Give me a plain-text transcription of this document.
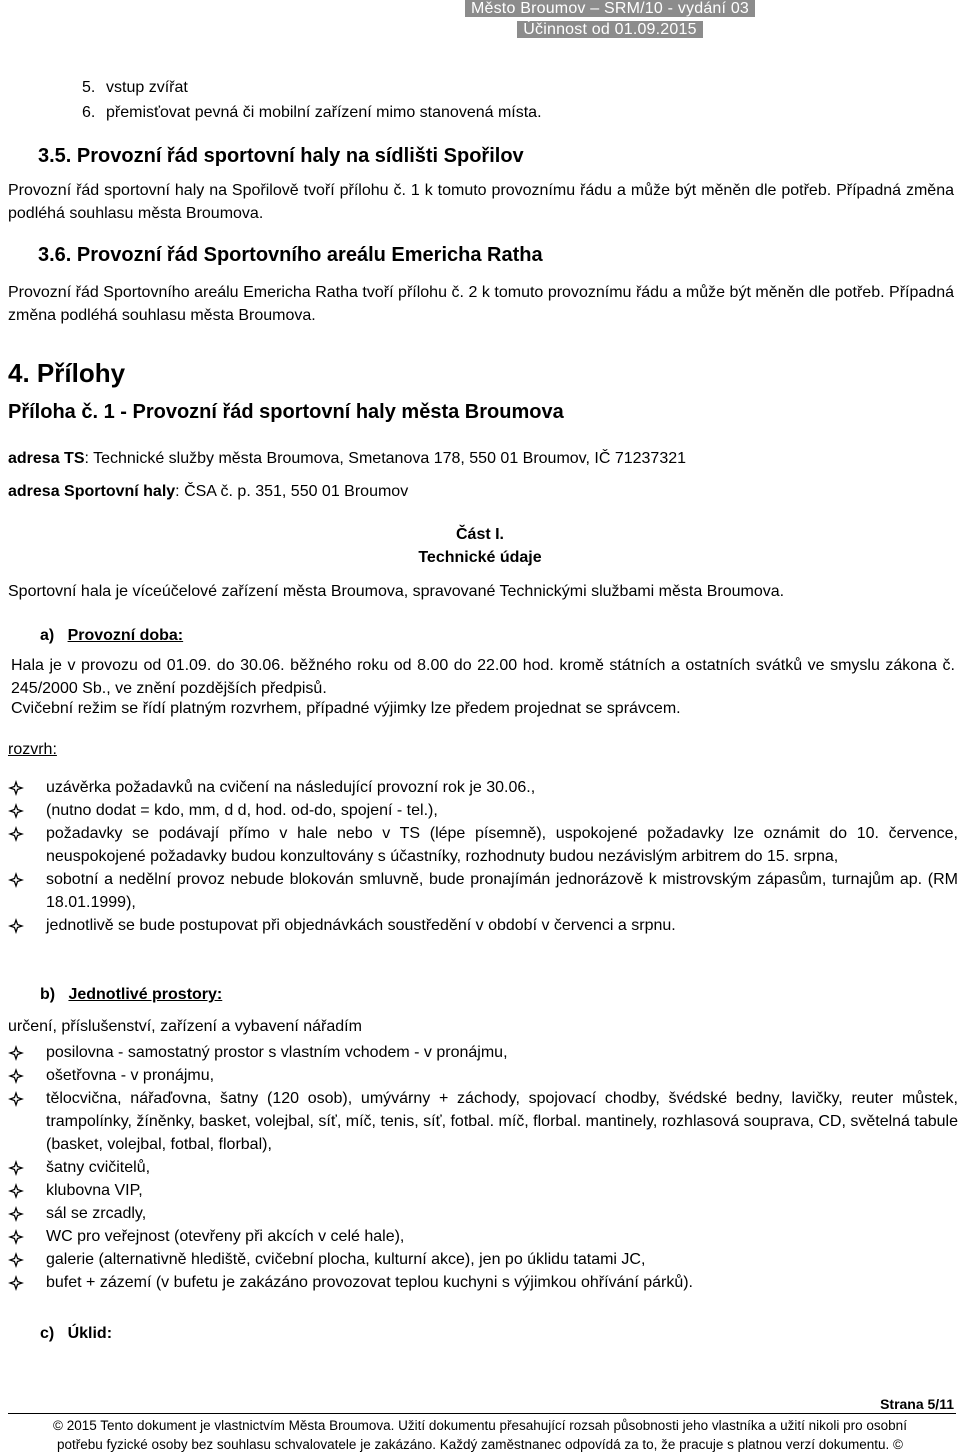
Město Broumov – SRM/10 - vydání 03
Účinnost od 01.09.2015
5. vstup zvířat
6. přemisťovat pevná či mobilní zařízení mimo stanovená místa.
3.5. Provozní řád sportovní haly na sídlišti Spořilov
Provozní řád sportovní haly na Spořilově tvoří přílohu č. 1 k tomuto provoznímu řádu a může být měněn dle potřeb. Případná změna podléhá souhlasu města Broumova.
3.6. Provozní řád Sportovního areálu Emericha Ratha
Provozní řád Sportovního areálu Emericha Ratha tvoří přílohu č. 2 k tomuto provoznímu řádu a může být měněn dle potřeb. Případná změna podléhá souhlasu města Broumova.
4. Přílohy
Příloha č. 1 - Provozní řád sportovní haly města Broumova
adresa TS: Technické služby města Broumova, Smetanova 178, 550 01 Broumov, IČ 71237321
adresa Sportovní haly: ČSA č. p. 351, 550 01 Broumov
Část I.
Technické údaje
Sportovní hala je víceúčelové zařízení města Broumova, spravované Technickými službami města Broumova.
a) Provozní doba:
Hala je v provozu od 01.09. do 30.06. běžného roku od 8.00 do 22.00 hod. kromě státních a ostatních svátků ve smyslu zákona č. 245/2000 Sb., ve znění pozdějších předpisů.
Cvičební režim se řídí platným rozvrhem, případné výjimky lze předem projednat se správcem.
rozvrh:
uzávěrka požadavků na cvičení na následující provozní rok je 30.06.,
(nutno dodat = kdo, mm, d d, hod. od-do, spojení - tel.),
požadavky se podávají přímo v hale nebo v TS (lépe písemně), uspokojené požadavky lze oznámit do 10. července, neuspokojené požadavky budou konzultovány s účastníky, rozhodnuty budou nezávislým arbitrem do 15. srpna,
sobotní a nedělní provoz nebude blokován smluvně, bude pronajímán jednorázově k mistrovským zápasům, turnajům ap. (RM 18.01.1999),
jednotlivě se bude postupovat při objednávkách soustředění v období v červenci a srpnu.
b) Jednotlivé prostory:
určení, příslušenství, zařízení a vybavení nářadím
posilovna - samostatný prostor s vlastním vchodem - v pronájmu,
ošetřovna - v pronájmu,
tělocvična, nářaďovna, šatny (120 osob), umývárny + záchody, spojovací chodby, švédské bedny, lavičky, reuter můstek, trampolínky, žíněnky, basket, volejbal, síť, míč, tenis, síť, fotbal. míč, florbal. mantinely, rozhlasová souprava, CD, světelná tabule (basket, volejbal, fotbal, florbal),
šatny cvičitelů,
klubovna VIP,
sál se zrcadly,
WC pro veřejnost (otevřeny při akcích v celé hale),
galerie (alternativně hlediště, cvičební plocha, kulturní akce), jen po úklidu tatami JC,
bufet + zázemí (v bufetu je zakázáno provozovat teplou kuchyni s výjimkou ohřívání párků).
c) Úklid:
Strana 5/11
© 2015 Tento dokument je vlastnictvím Města Broumova. Užití dokumentu přesahující rozsah působnosti jeho vlastníka a užití nikoli pro osobní
potřebu fyzické osoby bez souhlasu schvalovatele je zakázáno. Každý zaměstnanec odpovídá za to, že pracuje s platnou verzí dokumentu. ©
